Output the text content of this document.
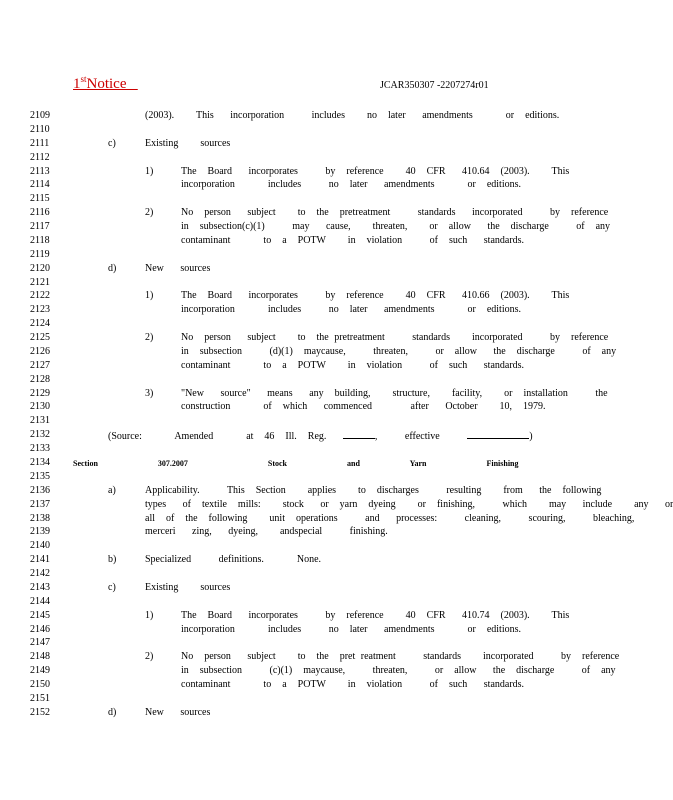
1stNotice	JCAR350307 -2207274r01
2109	(2003).    This   incorporation     includes    no  later   amendments      or  editions.
2110
2111	c)	Existing    sources
2112
2113	1)	The  Board   incorporates     by  reference    40  CFR   410.64  (2003).    This
2114	incorporation      includes     no  later   amendments      or  editions.
2115
2116	2)	No  person   subject    to  the  pretreatment     standards   incorporated     by  reference
2117	in  subsection(c)(1)     may   cause,    threaten,    or  allow   the  discharge     of  any
2118	contaminant      to  a  POTW    in  violation     of  such   standards.
2119
2120	d)	New   sources
2121
2122	1)	The  Board   incorporates     by  reference    40  CFR   410.66  (2003).    This
2123	incorporation      includes     no  later   amendments      or  editions.
2124
2125	2)	No  person   subject    to  the pretreatment     standards    incorporated     by  reference
2126	in  subsection     (d)(1)  maycause,     threaten,     or  allow   the  discharge     of  any
2127	contaminant      to  a  POTW    in  violation     of  such   standards.
2128
2129	3)	"New   source"   means   any  building,    structure,    facility,    or  installation     the
2130	construction      of  which   commenced       after   October    10,  1979.
2131
2132	(Source:      Amended      at  46  Ill.  Reg.	,     effective	)
2133
2134	Section      307.2007        Stock      and     Yarn      Finishing
2135
2136	a)	Applicability.     This  Section    applies    to  discharges     resulting    from   the  following
2137	types   of  textile  mills:    stock   or  yarn  dyeing    or  finishing,     which    may   include    any   or
2138	all  of  the  following    unit  operations     and   processes:     cleaning,     scouring,     bleaching,
2139	merceri   zing,   dyeing,    andspecial     finishing.
2140
2141	b)	Specialized     definitions.      None.
2142
2143	c)	Existing    sources
2144
2145	1)	The  Board   incorporates     by  reference    40  CFR   410.74  (2003).    This
2146	incorporation      includes     no  later   amendments      or  editions.
2147
2148	2)	No  person   subject    to  the  pret reatment     standards    incorporated     by  reference
2149	in  subsection     (c)(1)  maycause,     threaten,     or  allow   the  discharge     of  any
2150	contaminant      to  a  POTW    in  violation     of  such   standards.
2151
2152	d)	New   sources
